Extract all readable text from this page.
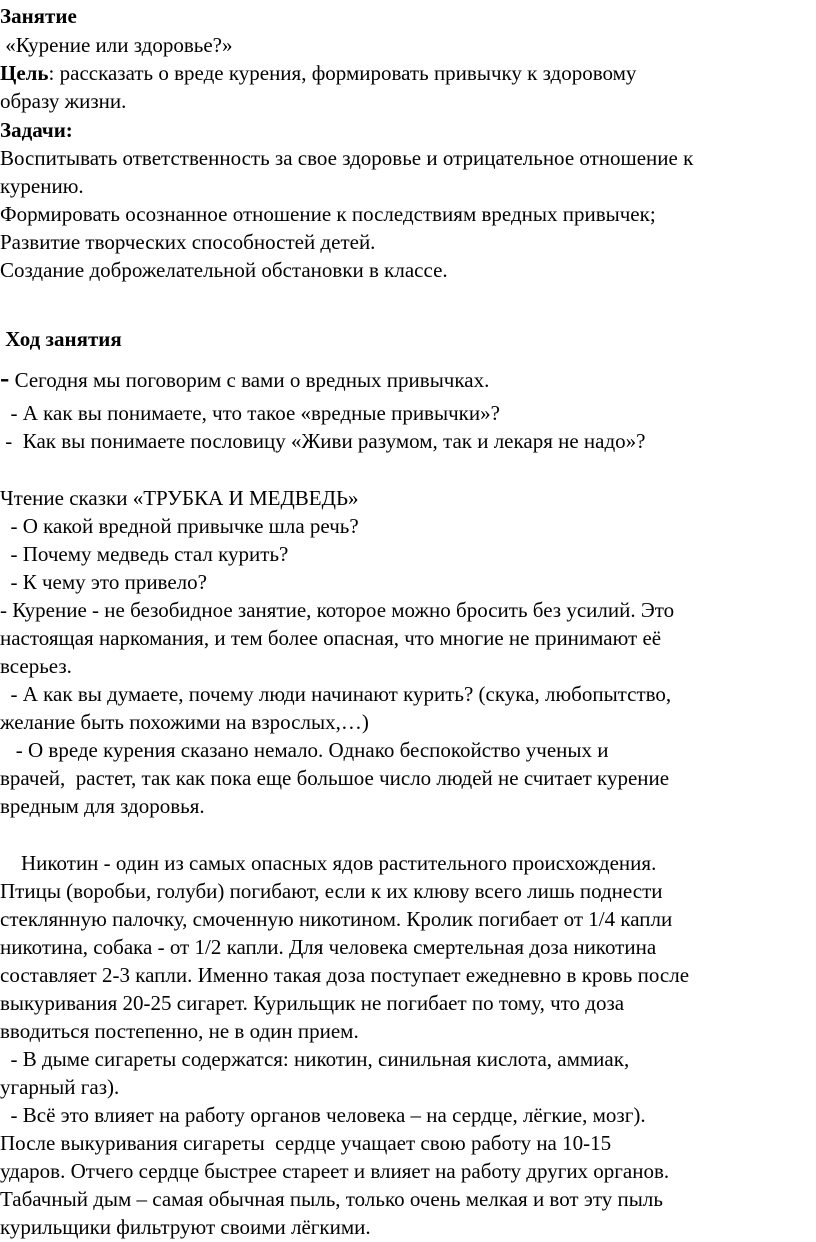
Занятие
«Курение или здоровье?»
Цель: рассказать о вреде курения, формировать привычку к здоровому
образу жизни.
Задачи:
Воспитывать ответственность за свое здоровье и отрицательное отношение к
курению.
Формировать осознанное отношение к последствиям вредных привычек;
Развитие творческих способностей детей.
Создание доброжелательной обстановки в классе.
Ход занятия
- Сегодня мы поговорим с вами о вредных привычках.
- А как вы понимаете, что такое «вредные привычки»?
-  Как вы понимаете пословицу «Живи разумом, так и лекаря не надо»?
Чтение сказки «ТРУБКА И МЕДВЕДЬ»
- О какой вредной привычке шла речь?
- Почему медведь стал курить?
- К чему это привело?
- Курение - не безобидное занятие, которое можно бросить без усилий. Это
настоящая наркомания, и тем более опасная, что многие не принимают её
всерьез.
- А как вы думаете, почему люди начинают курить? (скука, любопытство,
желание быть похожими на взрослых,…)
- О вреде курения сказано немало. Однако беспокойство ученых и
врачей,  растет, так как пока еще большое число людей не считает курение
вредным для здоровья.
Никотин - один из самых опасных ядов растительного происхождения.
Птицы (воробьи, голуби) погибают, если к их клюву всего лишь поднести
стеклянную палочку, смоченную никотином. Кролик погибает от 1/4 капли
никотина, собака - от 1/2 капли. Для человека смертельная доза никотина
составляет 2-3 капли. Именно такая доза поступает ежедневно в кровь после
выкуривания 20-25 сигарет. Курильщик не погибает по тому, что доза
вводиться постепенно, не в один прием.
- В дыме сигареты содержатся: никотин, синильная кислота, аммиак,
угарный газ).
- Всё это влияет на работу органов человека – на сердце, лёгкие, мозг).
После выкуривания сигареты  сердце учащает свою работу на 10-15
ударов. Отчего сердце быстрее стареет и влияет на работу других органов.
Табачный дым – самая обычная пыль, только очень мелкая и вот эту пыль
курильщики фильтруют своими лёгкими.
